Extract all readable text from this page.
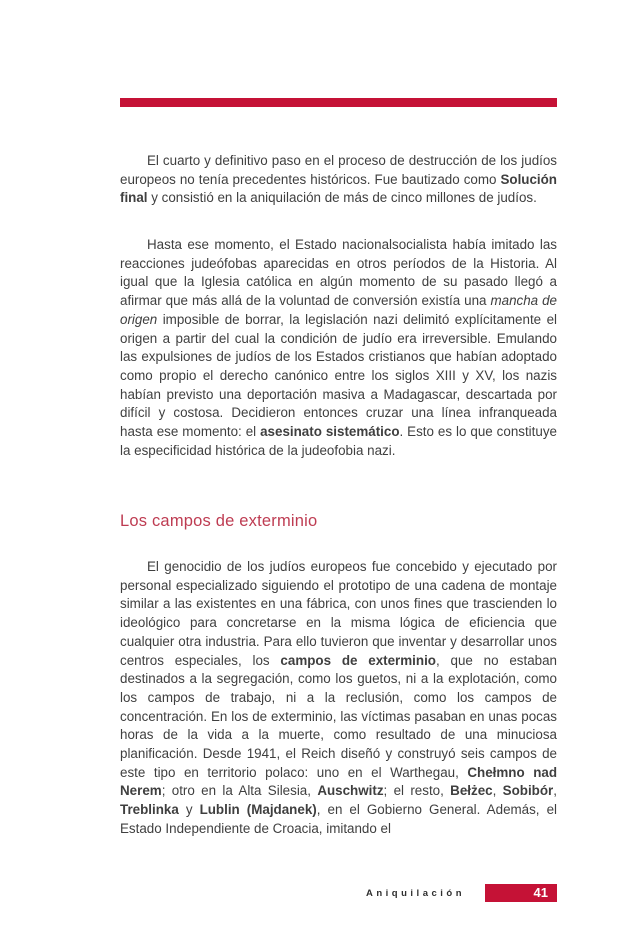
El cuarto y definitivo paso en el proceso de destrucción de los judíos europeos no tenía precedentes históricos. Fue bautizado como Solución final y consistió en la aniquilación de más de cinco millones de judíos.

Hasta ese momento, el Estado nacionalsocialista había imitado las reacciones judeófobas aparecidas en otros períodos de la Historia. Al igual que la Iglesia católica en algún momento de su pasado llegó a afirmar que más allá de la voluntad de conversión existía una mancha de origen imposible de borrar, la legislación nazi delimitó explícitamente el origen a partir del cual la condición de judío era irreversible. Emulando las expulsiones de judíos de los Estados cristianos que habían adoptado como propio el derecho canónico entre los siglos XIII y XV, los nazis habían previsto una deportación masiva a Madagascar, descartada por difícil y costosa. Decidieron entonces cruzar una línea infranqueada hasta ese momento: el asesinato sistemático. Esto es lo que constituye la especificidad histórica de la judeofobia nazi.

Los campos de exterminio

El genocidio de los judíos europeos fue concebido y ejecutado por personal especializado siguiendo el prototipo de una cadena de montaje similar a las existentes en una fábrica, con unos fines que trascienden lo ideológico para concretarse en la misma lógica de eficiencia que cualquier otra industria. Para ello tuvieron que inventar y desarrollar unos centros especiales, los campos de exterminio, que no estaban destinados a la segregación, como los guetos, ni a la explotación, como los campos de trabajo, ni a la reclusión, como los campos de concentración. En los de exterminio, las víctimas pasaban en unas pocas horas de la vida a la muerte, como resultado de una minuciosa planificación. Desde 1941, el Reich diseñó y construyó seis campos de este tipo en territorio polaco: uno en el Warthegau, Chełmno nad Nerem; otro en la Alta Silesia, Auschwitz; el resto, Bełżec, Sobibór, Treblinka y Lublin (Majdanek), en el Gobierno General. Además, el Estado Independiente de Croacia, imitando el

Aniquilación	41
